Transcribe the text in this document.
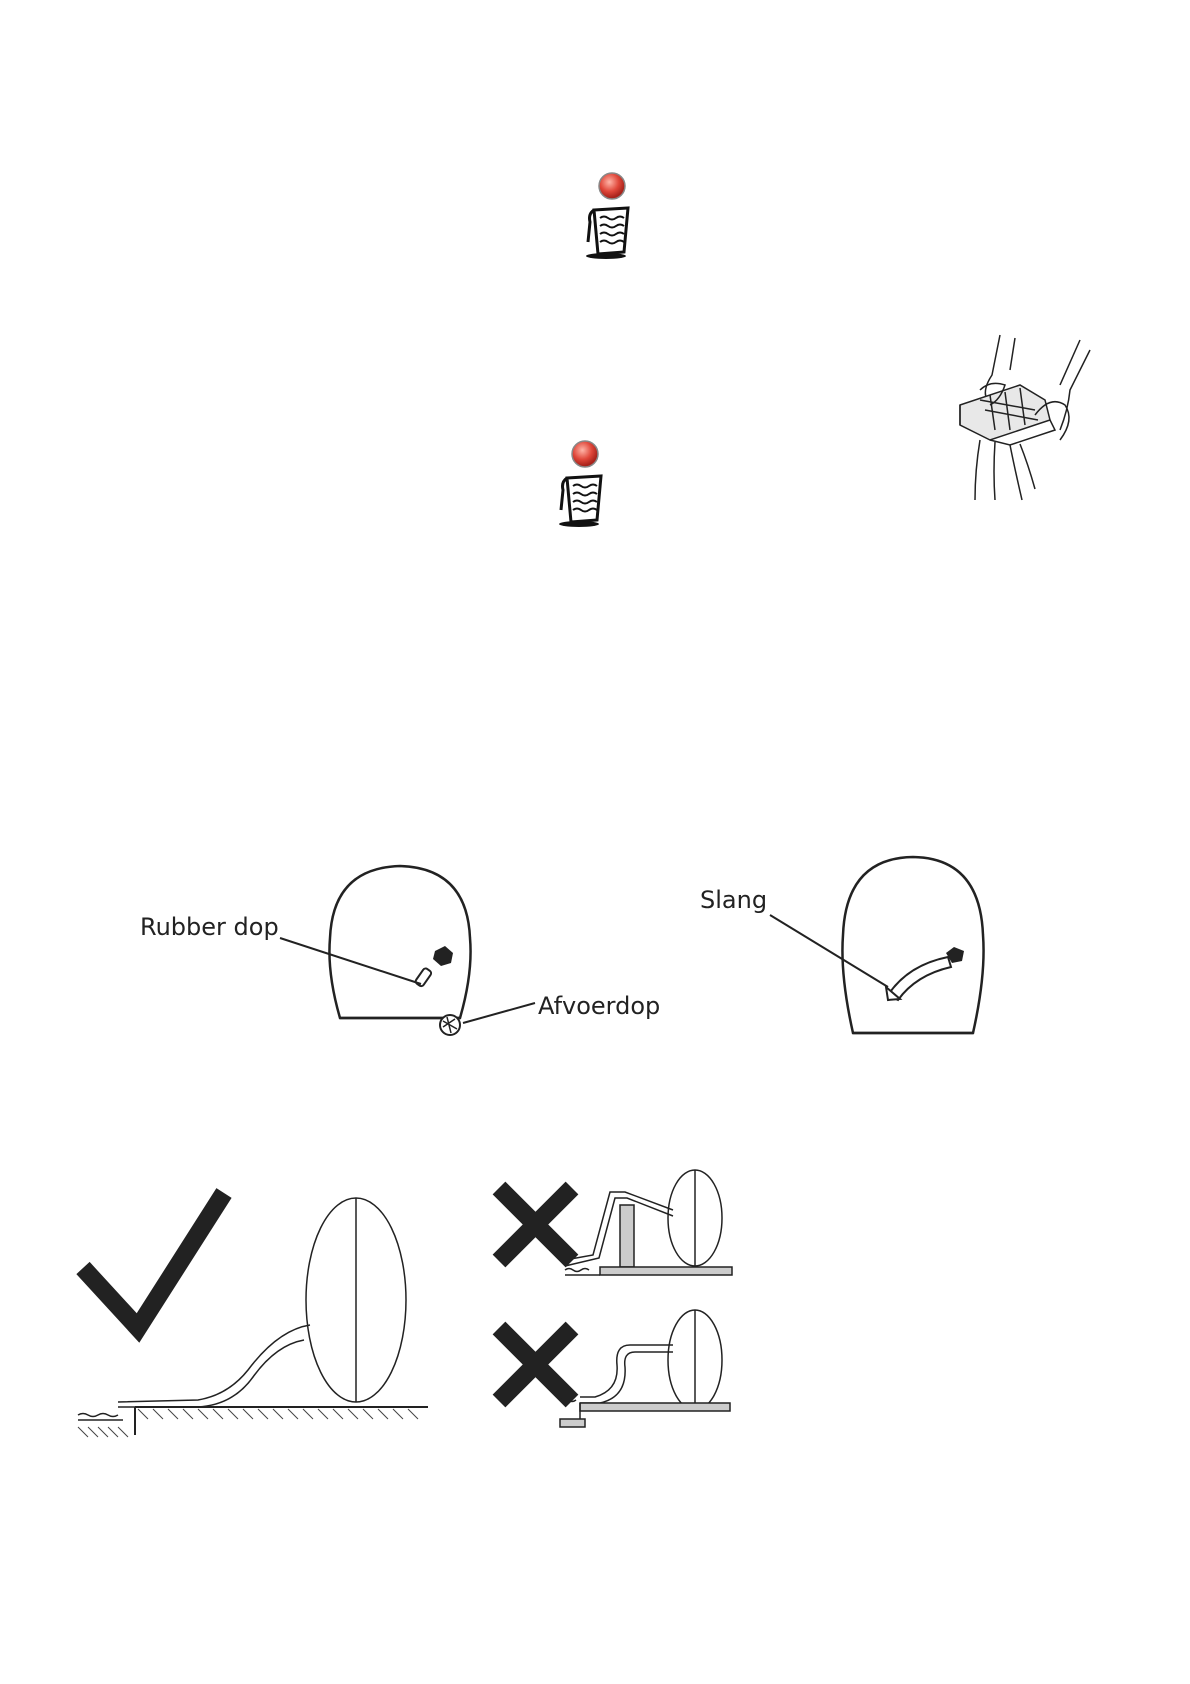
Rubber dop
Afvoerdop
Slang
